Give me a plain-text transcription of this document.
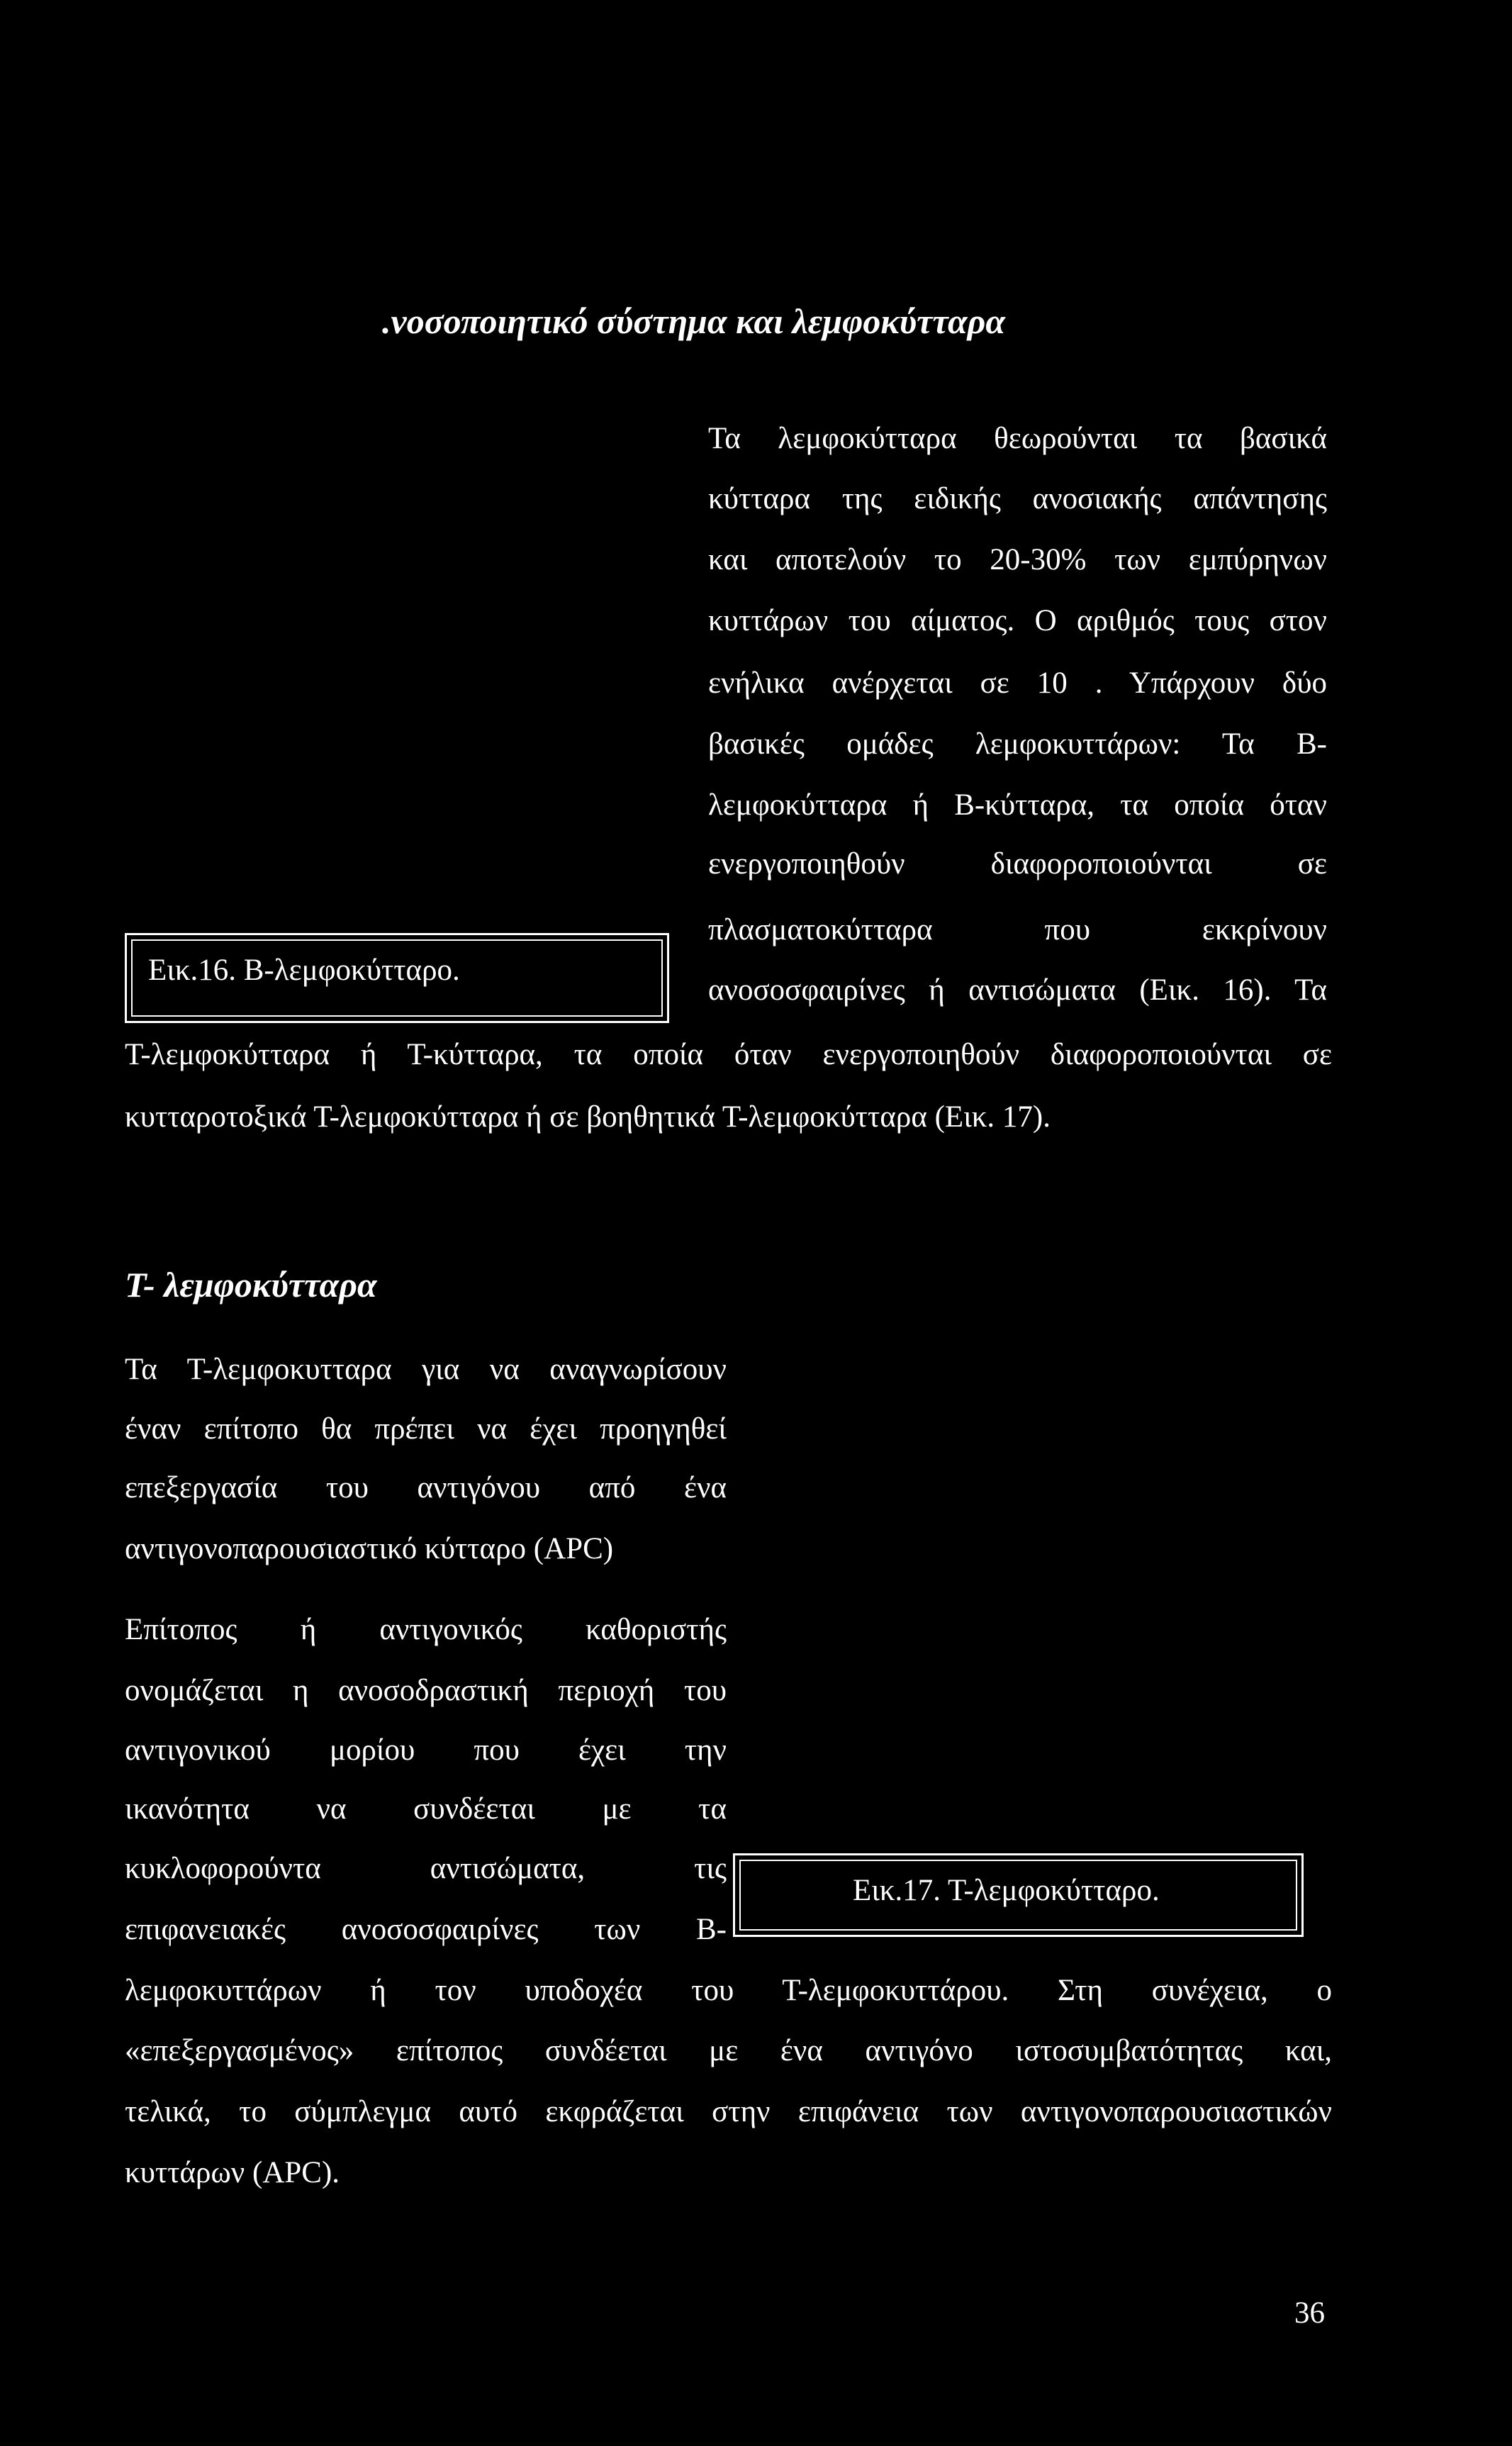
.νοσοποιητικό σύστημα και λεμφοκύτταρα
Τα λεμφοκύτταρα θεωρούνται τα βασικά
κύτταρα της ειδικής ανοσιακής απάντησης
και αποτελούν το 20-30% των εμπύρηνων
κυττάρων του αίματος. Ο αριθμός τους στον
ενήλικα ανέρχεται σε 10 . Υπάρχουν δύο
βασικές ομάδες λεμφοκυττάρων: Τα Β-
λεμφοκύτταρα ή Β-κύτταρα, τα οποία όταν
ενεργοποιηθούν διαφοροποιούνται σε
πλασματοκύτταρα που εκκρίνουν
ανοσοσφαιρίνες ή αντισώματα (Εικ. 16). Τα
Τ-λεμφοκύτταρα ή Τ-κύτταρα, τα οποία όταν ενεργοποιηθούν διαφοροποιούνται σε
κυτταροτοξικά Τ-λεμφοκύτταρα ή σε βοηθητικά Τ-λεμφοκύτταρα (Εικ. 17).
Εικ.16. Β-λεμφοκύτταρο.
Τ- λεμφοκύτταρα
Τα Τ-λεμφοκυτταρα για να αναγνωρίσουν
έναν επίτοπο θα πρέπει να έχει προηγηθεί
επεξεργασία του αντιγόνου από ένα
αντιγονοπαρουσιαστικό κύτταρο (APC)
Επίτοπος ή αντιγονικός καθοριστής
ονομάζεται η ανοσοδραστική περιοχή του
αντιγονικού μορίου που έχει την
ικανότητα να συνδέεται με τα
κυκλοφορούντα αντισώματα, τις
επιφανειακές ανοσοσφαιρίνες των Β-
λεμφοκυττάρων ή τον υποδοχέα του Τ-λεμφοκυττάρου. Στη συνέχεια, ο
«επεξεργασμένος» επίτοπος συνδέεται με ένα αντιγόνο ιστοσυμβατότητας και,
τελικά, το σύμπλεγμα αυτό εκφράζεται στην επιφάνεια των αντιγονοπαρουσιαστικών
κυττάρων (APC).
Εικ.17. Τ-λεμφοκύτταρο.
36
